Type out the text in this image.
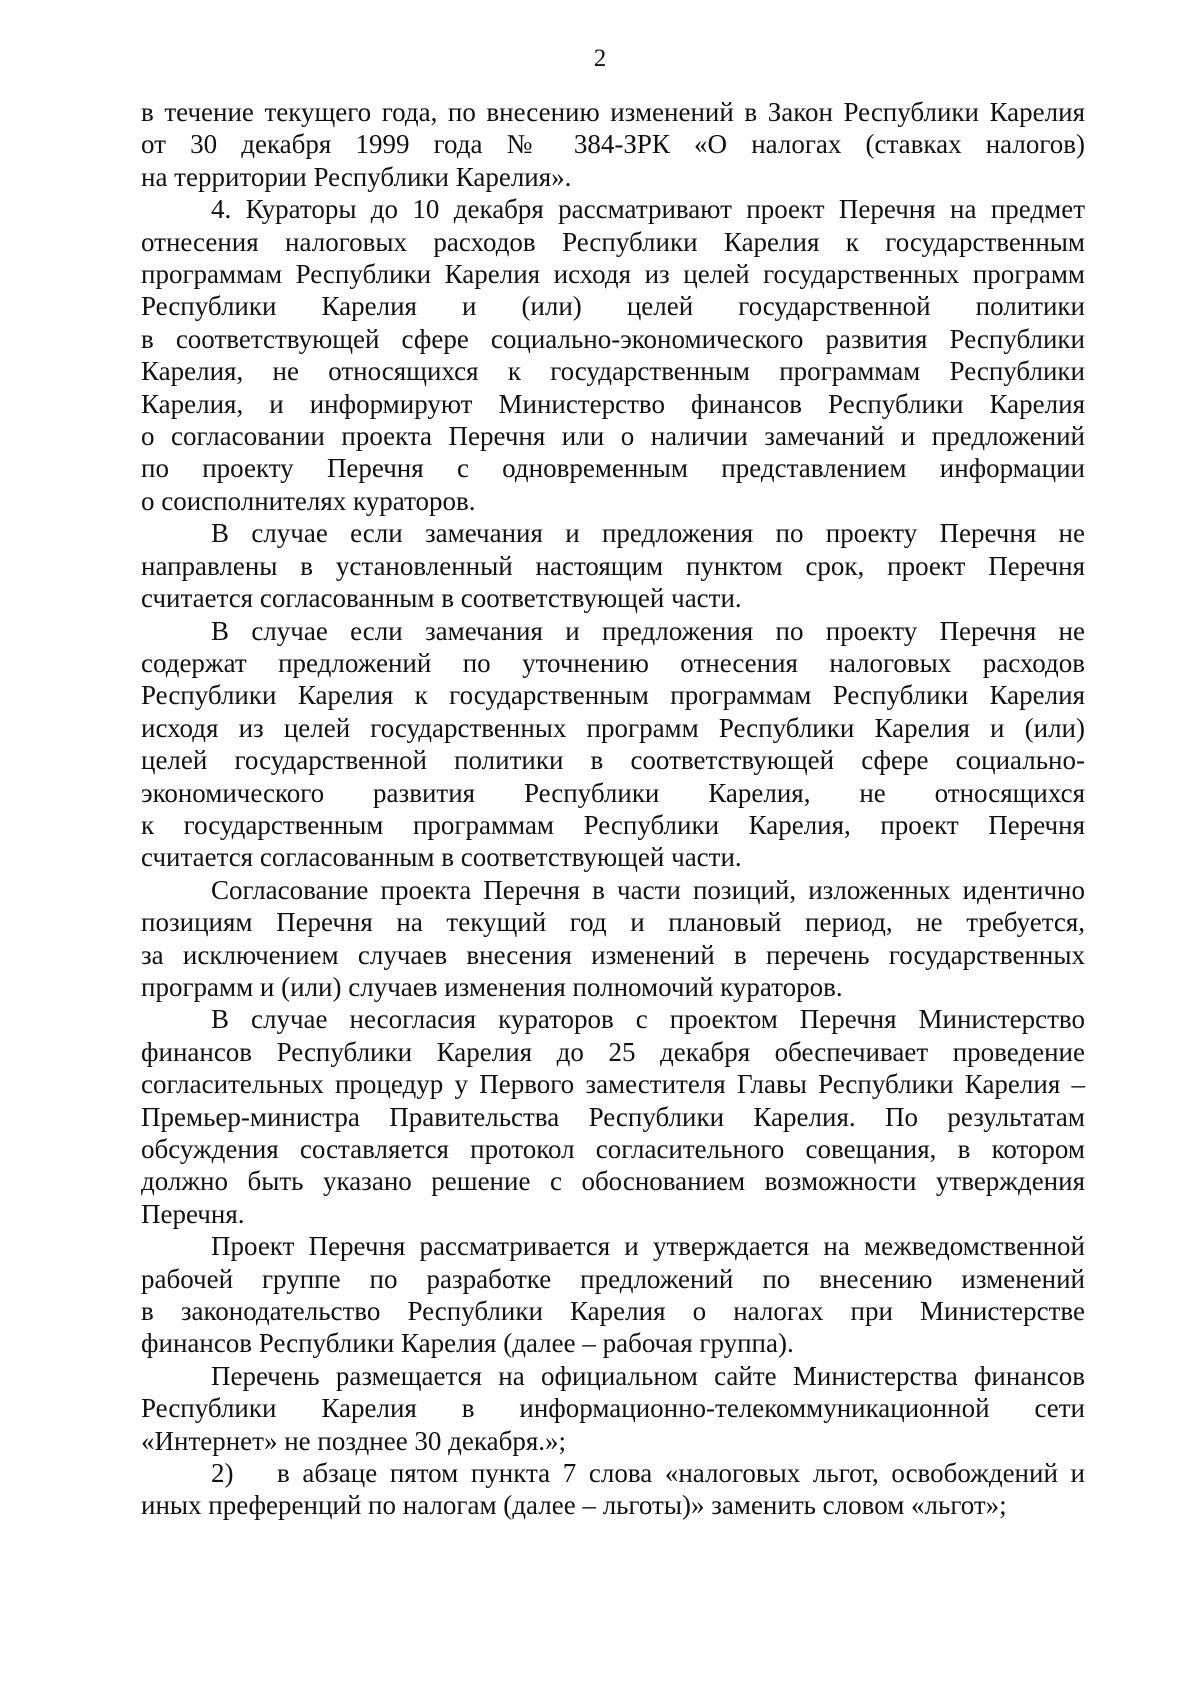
2
в течение текущего года, по внесению изменений в Закон Республики Карелия
от 30 декабря 1999 года № 384-ЗРК «О налогах (ставках налогов)
на территории Республики Карелия».
4. Кураторы до 10 декабря рассматривают проект Перечня на предмет
отнесения налоговых расходов Республики Карелия к государственным
программам Республики Карелия исходя из целей государственных программ
Республики Карелия и (или) целей государственной политики
в соответствующей сфере социально-экономического развития Республики
Карелия, не относящихся к государственным программам Республики
Карелия, и информируют Министерство финансов Республики Карелия
о согласовании проекта Перечня или о наличии замечаний и предложений
по проекту Перечня с одновременным представлением информации
о соисполнителях кураторов.
В случае если замечания и предложения по проекту Перечня не
направлены в установленный настоящим пунктом срок, проект Перечня
считается согласованным в соответствующей части.
В случае если замечания и предложения по проекту Перечня не
содержат предложений по уточнению отнесения налоговых расходов
Республики Карелия к государственным программам Республики Карелия
исходя из целей государственных программ Республики Карелия и (или)
целей государственной политики в соответствующей сфере социально-
экономического развития Республики Карелия, не относящихся
к государственным программам Республики Карелия, проект Перечня
считается согласованным в соответствующей части.
Согласование проекта Перечня в части позиций, изложенных идентично
позициям Перечня на текущий год и плановый период, не требуется,
за исключением случаев внесения изменений в перечень государственных
программ и (или) случаев изменения полномочий кураторов.
В случае несогласия кураторов с проектом Перечня Министерство
финансов Республики Карелия до 25 декабря обеспечивает проведение
согласительных процедур у Первого заместителя Главы Республики Карелия –
Премьер-министра Правительства Республики Карелия. По результатам
обсуждения составляется протокол согласительного совещания, в котором
должно быть указано решение с обоснованием возможности утверждения
Перечня.
Проект Перечня рассматривается и утверждается на межведомственной
рабочей группе по разработке предложений по внесению изменений
в законодательство Республики Карелия о налогах при Министерстве
финансов Республики Карелия (далее – рабочая группа).
Перечень размещается на официальном сайте Министерства финансов
Республики Карелия в информационно-телекоммуникационной сети
«Интернет» не позднее 30 декабря.»;
2) в абзаце пятом пункта 7 слова «налоговых льгот, освобождений и
иных преференций по налогам (далее – льготы)» заменить словом «льгот»;
